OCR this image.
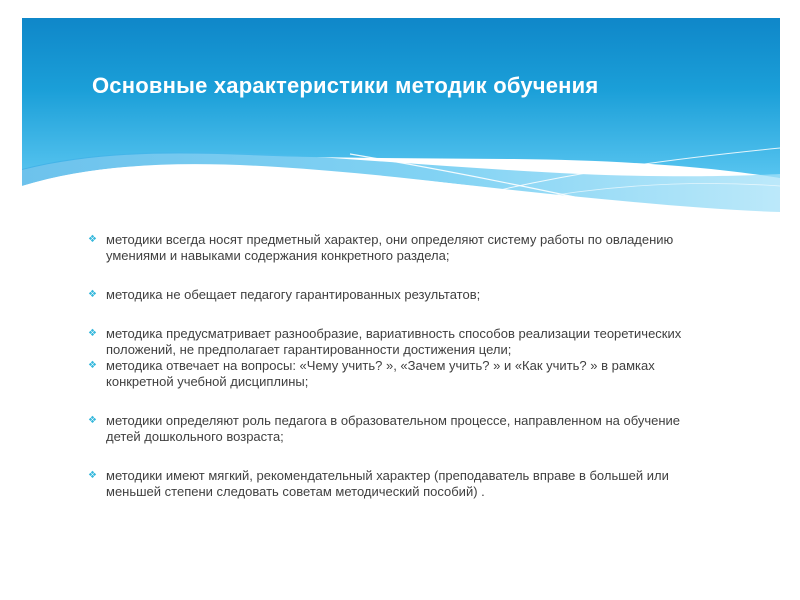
Основные характеристики методик обучения
❖ методики всегда носят предметный характер, они определяют систему работы по овладению умениями и навыками содержания конкретного раздела;
❖ методика не обещает педагогу гарантированных результатов;
❖ методика предусматривает разнообразие, вариативность способов реализации теоретических положений, не предполагает гарантированности достижения цели;
❖ методика отвечает на вопросы: «Чему учить? », «Зачем учить? » и «Как учить? » в рамках конкретной учебной дисциплины;
❖ методики определяют роль педагога в образовательном процессе, направленном на обучение детей дошкольного возраста;
❖ методики имеют мягкий, рекомендательный характер (преподаватель вправе в большей или меньшей степени следовать советам методический пособий) .
